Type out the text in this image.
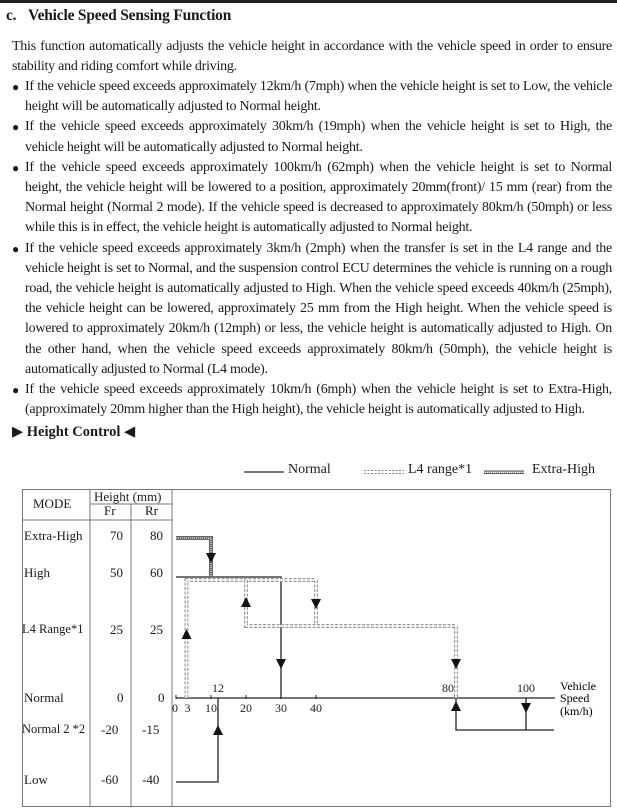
c. Vehicle Speed Sensing Function
This function automatically adjusts the vehicle height in accordance with the vehicle speed in order to ensure stability and riding comfort while driving.
● If the vehicle speed exceeds approximately 12km/h (7mph) when the vehicle height is set to Low, the vehicle height will be automatically adjusted to Normal height.
● If the vehicle speed exceeds approximately 30km/h (19mph) when the vehicle height is set to High, the vehicle height will be automatically adjusted to Normal height.
● If the vehicle speed exceeds approximately 100km/h (62mph) when the vehicle height is set to Normal height, the vehicle height will be lowered to a position, approximately 20mm(front)/ 15 mm (rear) from the Normal height (Normal 2 mode). If the vehicle speed is decreased to approximately 80km/h (50mph) or less while this is in effect, the vehicle height is automatically adjusted to Normal height.
● If the vehicle speed exceeds approximately 3km/h (2mph) when the transfer is set in the L4 range and the vehicle height is set to Normal, and the suspension control ECU determines the vehicle is running on a rough road, the vehicle height is automatically adjusted to High. When the vehicle speed exceeds 40km/h (25mph), the vehicle height can be lowered, approximately 25 mm from the High height. When the vehicle speed is lowered to approximately 20km/h (12mph) or less, the vehicle height is automatically adjusted to High. On the other hand, when the vehicle speed exceeds approximately 80km/h (50mph), the vehicle height is automatically adjusted to Normal (L4 mode).
● If the vehicle speed exceeds approximately 10km/h (6mph) when the vehicle height is set to Extra-High, (approximately 20mm higher than the High height), the vehicle height is automatically adjusted to High.
▶ Height Control ◀
Normal	L4 range*1	Extra-High
MODE Height (mm)
Fr Rr
Extra-High 70 80
High	50 60
L4 Range*1 25 25
Normal	0	0
Normal 2 *2 -20 -15
Low	-60 -40
0 3 10 20 30 40
12	80	100 Vehicle
Speed
(km/h)
